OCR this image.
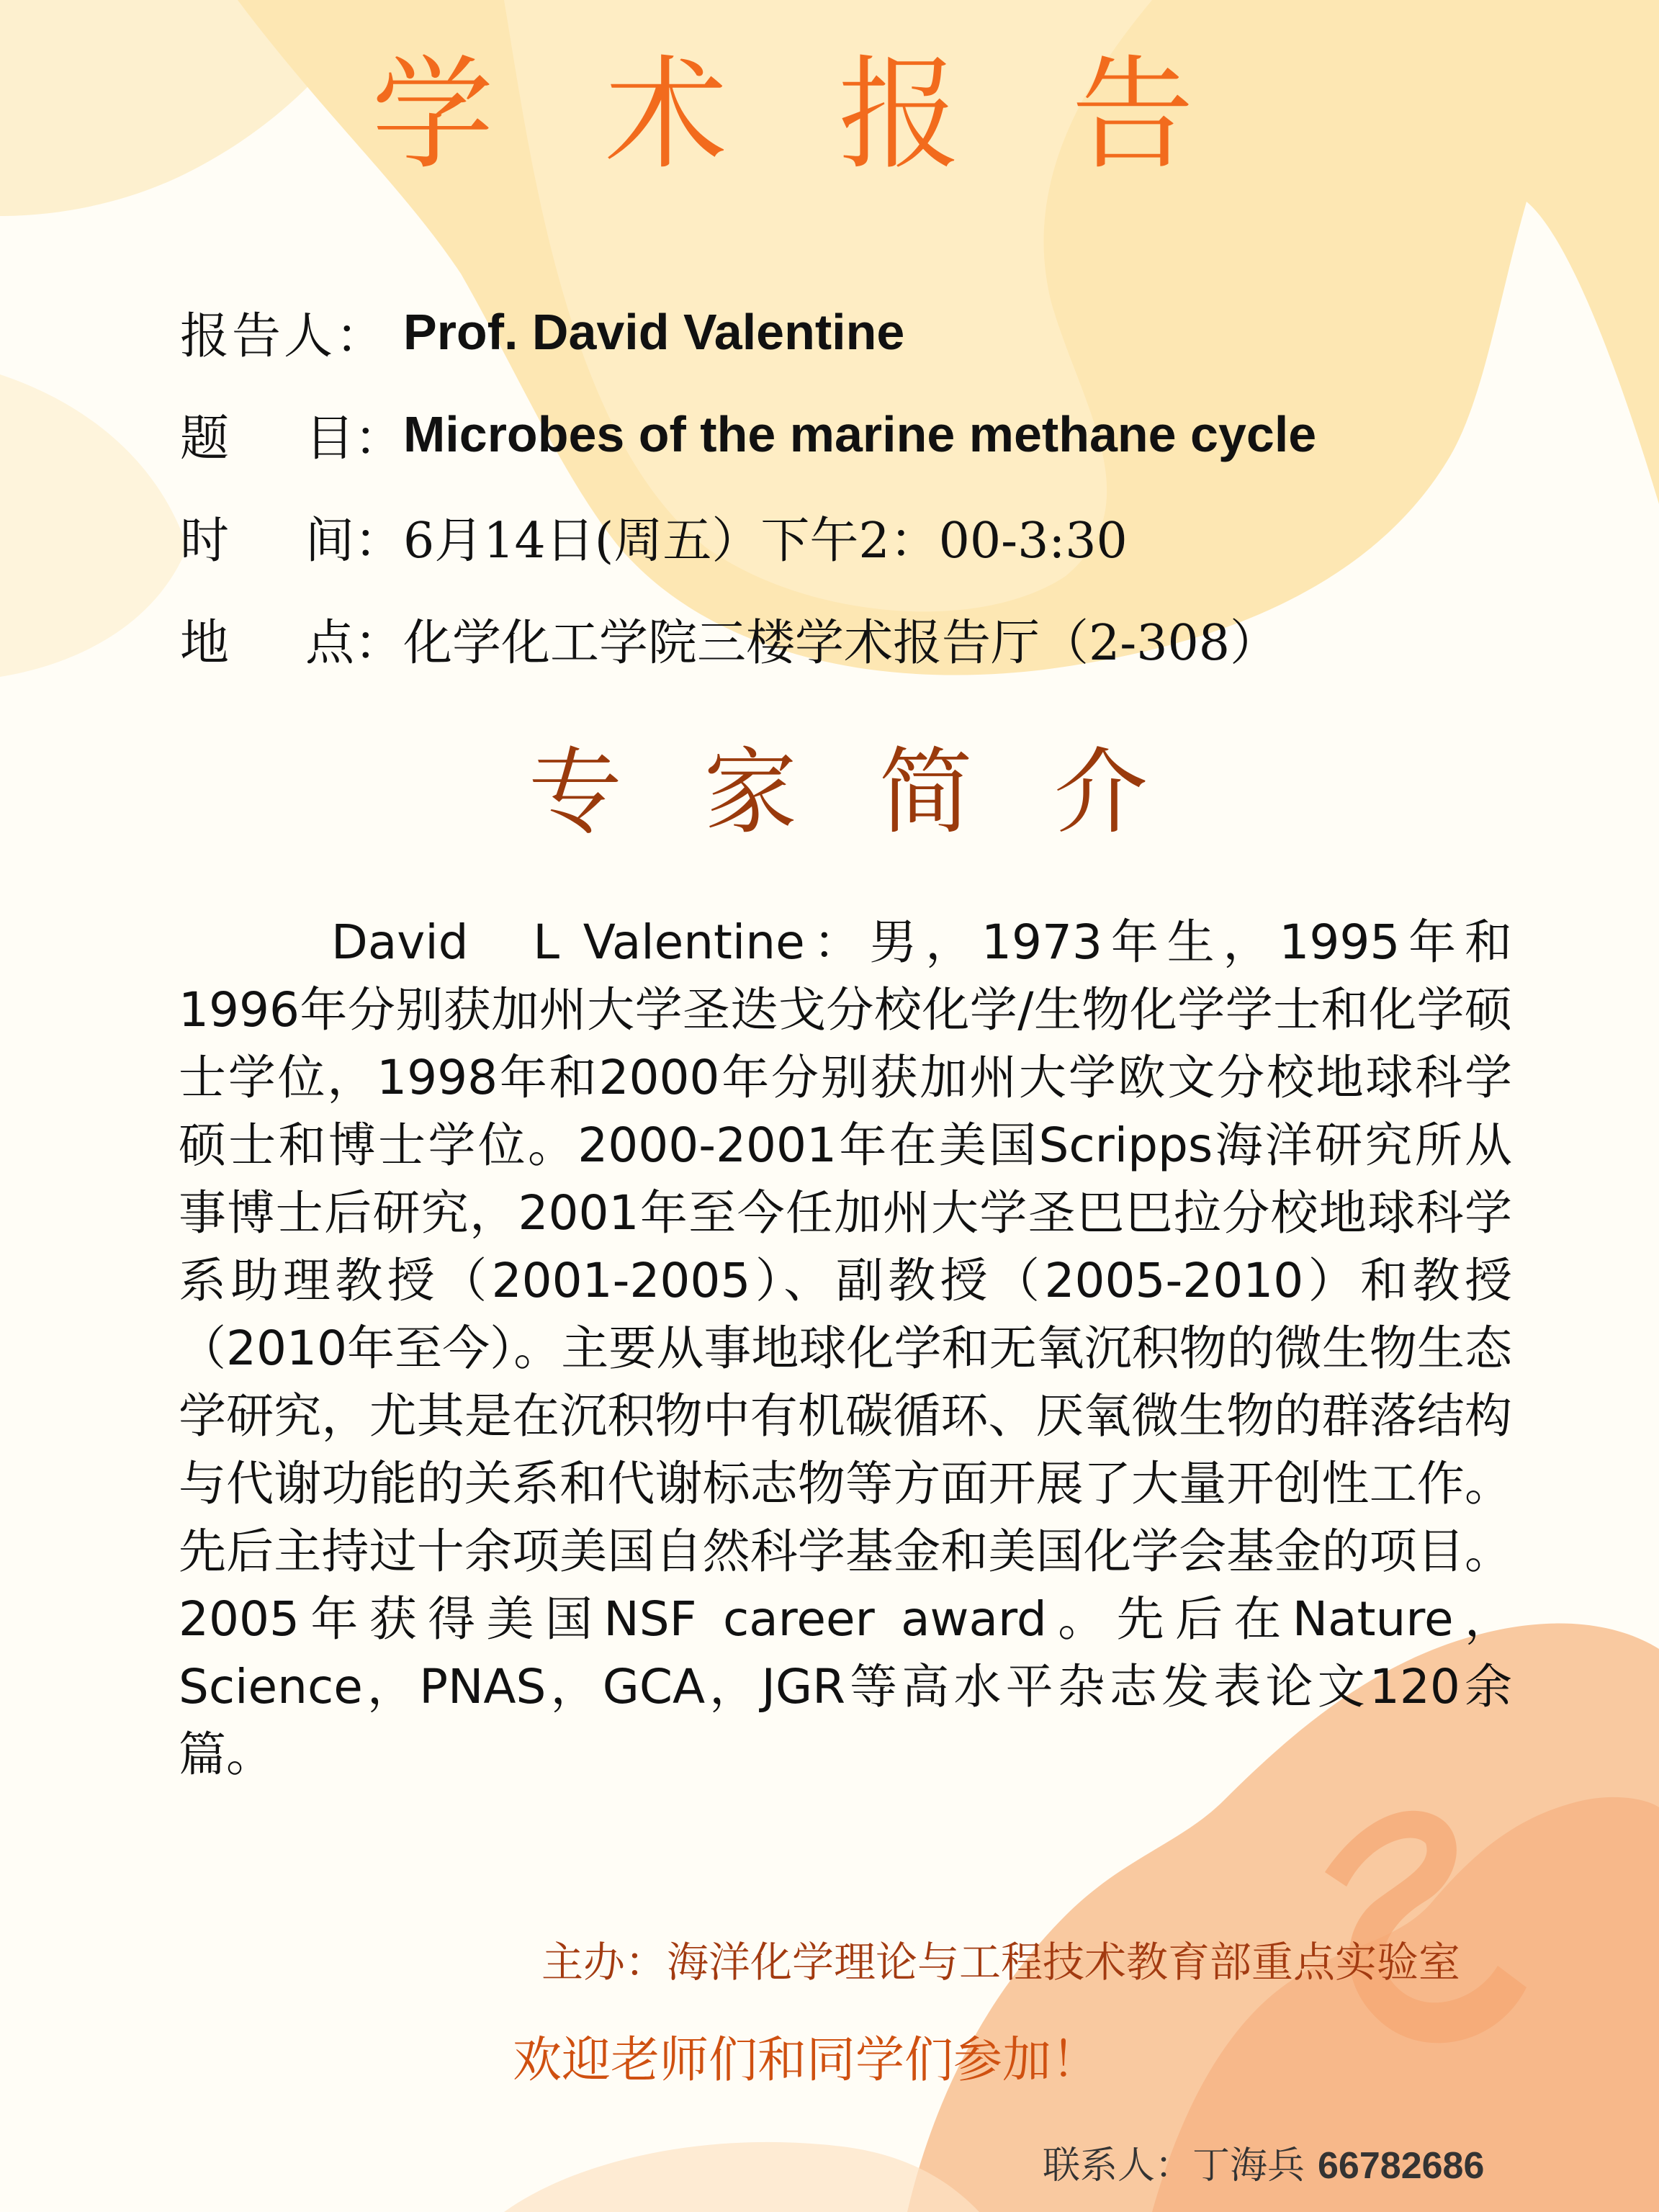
学 术 报 告
报告人： Prof. David Valentine
题 目： Microbes of the marine methane cycle
时 间： 6月14日(周五）下午2：00-3:30
地 点： 化学化工学院三楼学术报告厅（2-308）
专 家 简 介

David　L Valentine：男，1973年生，1995年和1996年分别获加州大学圣迭戈分校化学/生物化学学士和化学硕士学位，1998年和2000年分别获加州大学欧文分校地球科学硕士和博士学位。2000-2001年在美国Scripps海洋研究所从事博士后研究，2001年至今任加州大学圣巴巴拉分校地球科学系助理教授（2001-2005）、副教授（2005-2010）和教授（2010年至今）。主要从事地球化学和无氧沉积物的微生物生态学研究，尤其是在沉积物中有机碳循环、厌氧微生物的群落结构与代谢功能的关系和代谢标志物等方面开展了大量开创性工作。先后主持过十余项美国自然科学基金和美国化学会基金的项目。2005年获得美国NSF career award。先后在Nature，Science，PNAS，GCA，JGR等高水平杂志发表论文120余篇。

主办：海洋化学理论与工程技术教育部重点实验室
欢迎老师们和同学们参加！
联系人：丁海兵 66782686
